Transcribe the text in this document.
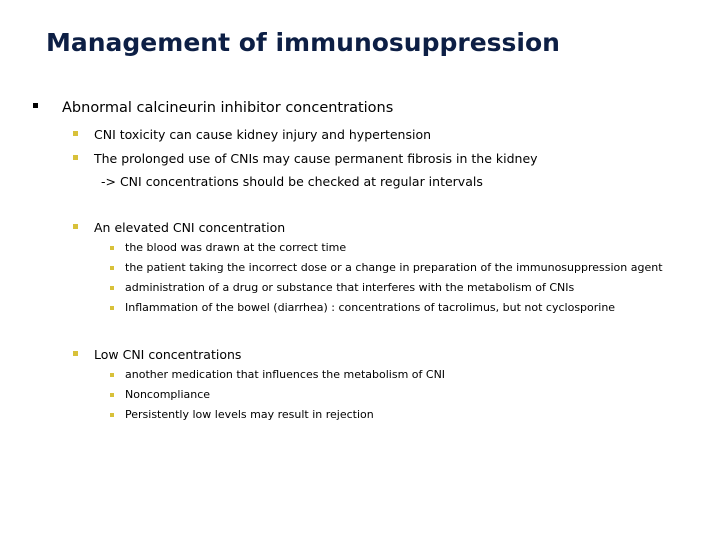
Management of immunosuppression
Abnormal calcineurin inhibitor concentrations
CNI toxicity can cause kidney injury and hypertension
The prolonged use of CNIs may cause permanent fibrosis in the kidney
-> CNI concentrations should be checked at regular intervals
An elevated CNI concentration
the blood was drawn at the correct time
the patient taking the incorrect dose or a change in preparation of the immunosuppression agent
administration of a drug or substance that interferes with the metabolism of CNIs
Inflammation of the bowel (diarrhea) : concentrations of tacrolimus, but not cyclosporine
Low CNI concentrations
another medication that influences the metabolism of CNI
Noncompliance
Persistently low levels may result in rejection
